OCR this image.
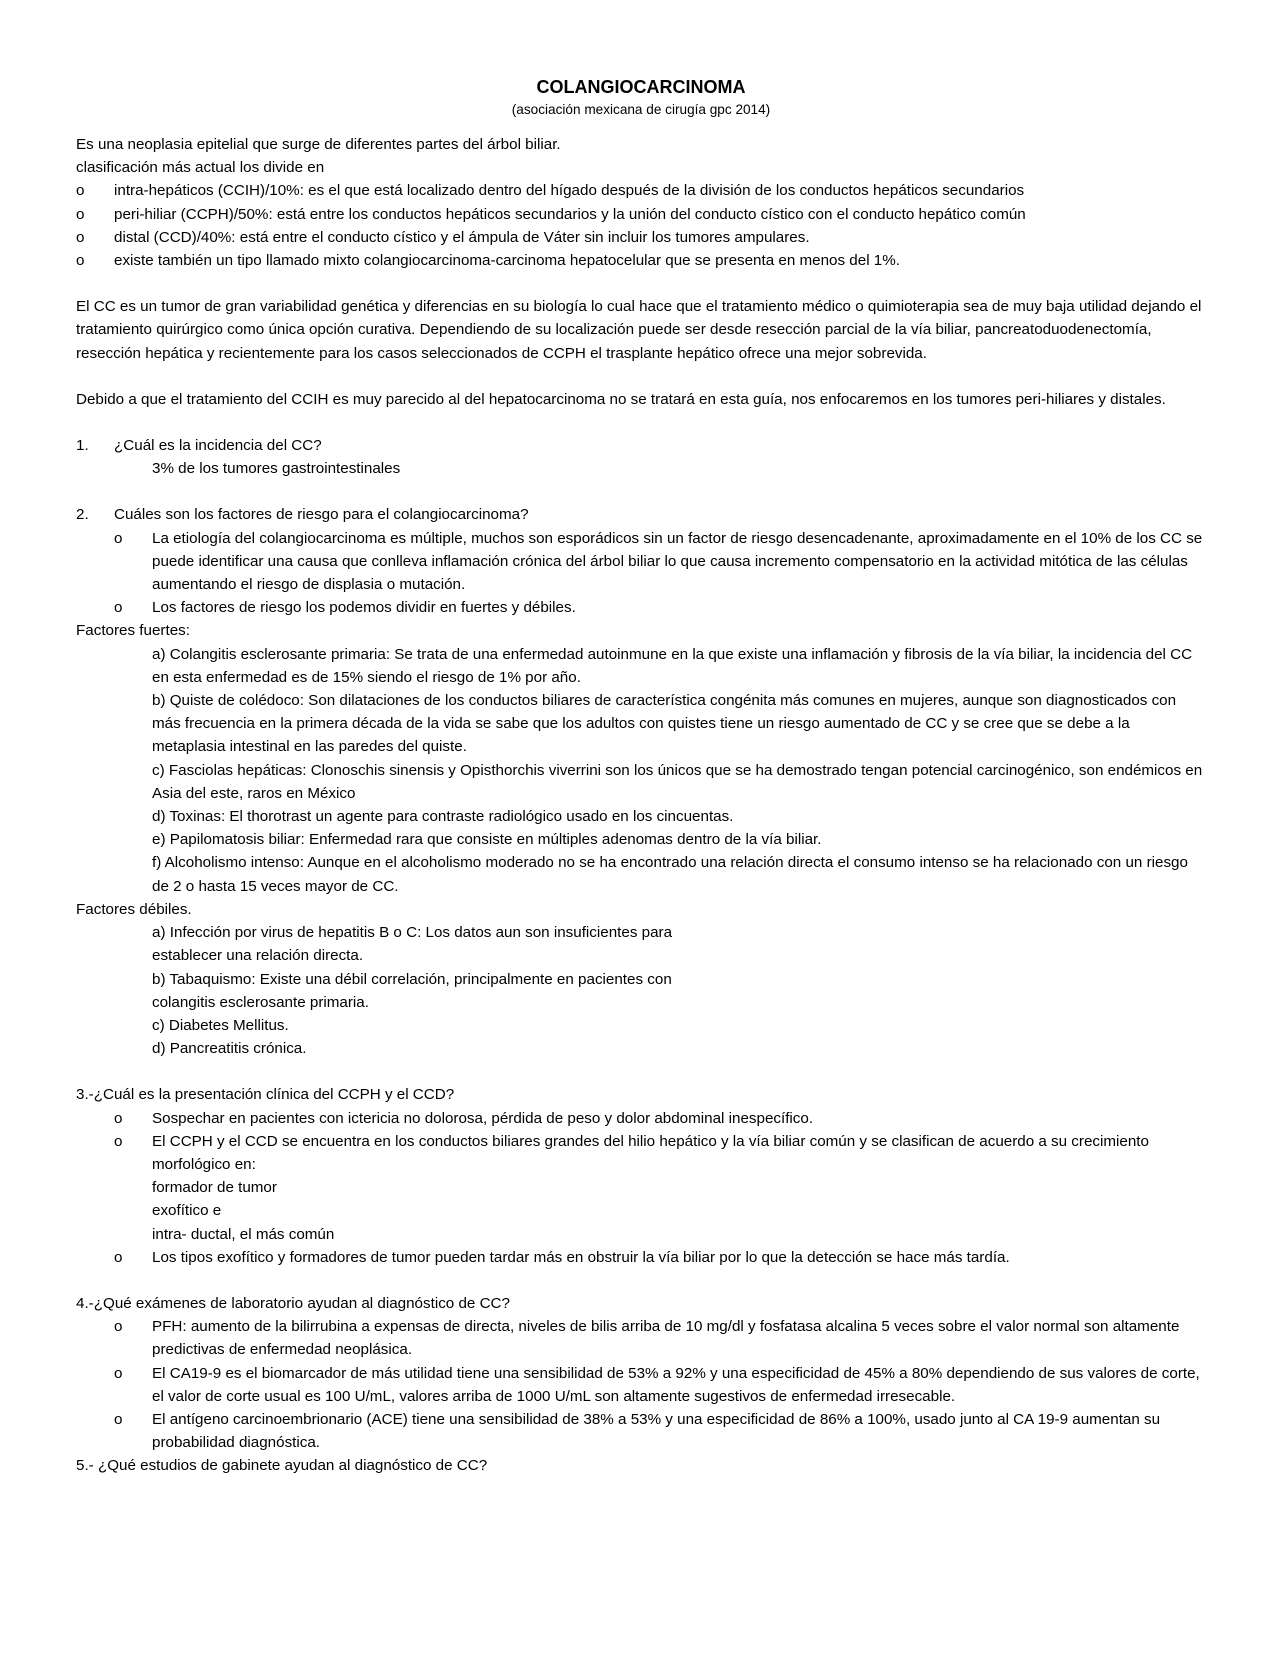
COLANGIOCARCINOMA
(asociación mexicana de cirugía gpc 2014)
Es una neoplasia epitelial que surge de diferentes partes del árbol biliar.
clasificación más actual los divide en
o	intra-hepáticos (CCIH)/10%: es el que está localizado dentro del hígado después de la división de los conductos hepáticos secundarios
o	peri-hiliar (CCPH)/50%: está entre los conductos hepáticos secundarios y la unión del conducto cístico con el conducto hepático común
o	distal (CCD)/40%: está entre el conducto cístico y el ámpula de Váter sin incluir los tumores ampulares.
o	existe también un tipo llamado mixto colangiocarcinoma-carcinoma hepatocelular que se presenta en menos del 1%.
El CC es un tumor de gran variabilidad genética y diferencias en su biología lo cual hace que el tratamiento médico o quimioterapia sea de muy baja utilidad dejando el tratamiento quirúrgico como única opción curativa. Dependiendo de su localización puede ser desde resección parcial de la vía biliar, pancreatoduodenectomía, resección hepática y recientemente para los casos seleccionados de CCPH el trasplante hepático ofrece una mejor sobrevida.
Debido a que el tratamiento del CCIH es muy parecido al del hepatocarcinoma no se tratará en esta guía, nos enfocaremos en los tumores peri-hiliares y distales.
1.	¿Cuál es la incidencia del CC?
3% de los tumores gastrointestinales
2.	Cuáles son los factores de riesgo para el colangiocarcinoma?
o	La etiología del colangiocarcinoma es múltiple, muchos son esporádicos sin un factor de riesgo desencadenante, aproximadamente en el 10% de los CC se puede identificar una causa que conlleva inflamación crónica del árbol biliar lo que causa incremento compensatorio en la actividad mitótica de las células aumentando el riesgo de displasia o mutación.
o	Los factores de riesgo los podemos dividir en fuertes y débiles.
Factores fuertes:
a) Colangitis esclerosante primaria: Se trata de una enfermedad autoinmune en la que existe una inflamación y fibrosis de la vía biliar, la incidencia del CC en esta enfermedad es de 15% siendo el riesgo de 1% por año.
b) Quiste de colédoco: Son dilataciones de los conductos biliares de característica congénita más comunes en mujeres, aunque son diagnosticados con más frecuencia en la primera década de la vida se sabe que los adultos con quistes tiene un riesgo aumentado de CC y se cree que se debe a la metaplasia intestinal en las paredes del quiste.
c) Fasciolas hepáticas: Clonoschis sinensis y Opisthorchis viverrini son los únicos que se ha demostrado tengan potencial carcinogénico, son endémicos en Asia del este, raros en México
d) Toxinas: El thorotrast un agente para contraste radiológico usado en los cincuentas.
e) Papilomatosis biliar: Enfermedad rara que consiste en múltiples adenomas dentro de la vía biliar.
f) Alcoholismo intenso: Aunque en el alcoholismo moderado no se ha encontrado una relación directa el consumo intenso se ha relacionado con un riesgo de 2 o hasta 15 veces mayor de CC.
Factores débiles.
a) Infección por virus de hepatitis B o C: Los datos aun son insuficientes para establecer una relación directa.
b) Tabaquismo: Existe una débil correlación, principalmente en pacientes con colangitis esclerosante primaria.
c) Diabetes Mellitus.
d) Pancreatitis crónica.
3.-¿Cuál es la presentación clínica del CCPH y el CCD?
o	Sospechar en pacientes con ictericia no dolorosa, pérdida de peso y dolor abdominal inespecífico.
o	El CCPH y el CCD se encuentra en los conductos biliares grandes del hilio hepático y la vía biliar común y se clasifican de acuerdo a su crecimiento morfológico en:
formador de tumor
exofítico e
intra- ductal, el más común
o	Los tipos exofítico y formadores de tumor pueden tardar más en obstruir la vía biliar por lo que la detección se hace más tardía.
4.-¿Qué exámenes de laboratorio ayudan al diagnóstico de CC?
o	PFH: aumento de la bilirrubina a expensas de directa, niveles de bilis arriba de 10 mg/dl y fosfatasa alcalina 5 veces sobre el valor normal son altamente predictivas de enfermedad neoplásica.
o	El CA19-9 es el biomarcador de más utilidad tiene una sensibilidad de 53% a 92% y una especificidad de 45% a 80% dependiendo de sus valores de corte, el valor de corte usual es 100 U/mL, valores arriba de 1000 U/mL son altamente sugestivos de enfermedad irresecable.
o	El antígeno carcinoembrionario (ACE) tiene una sensibilidad de 38% a 53% y una especificidad de 86% a 100%, usado junto al CA 19-9 aumentan su probabilidad diagnóstica.
5.- ¿Qué estudios de gabinete ayudan al diagnóstico de CC?
